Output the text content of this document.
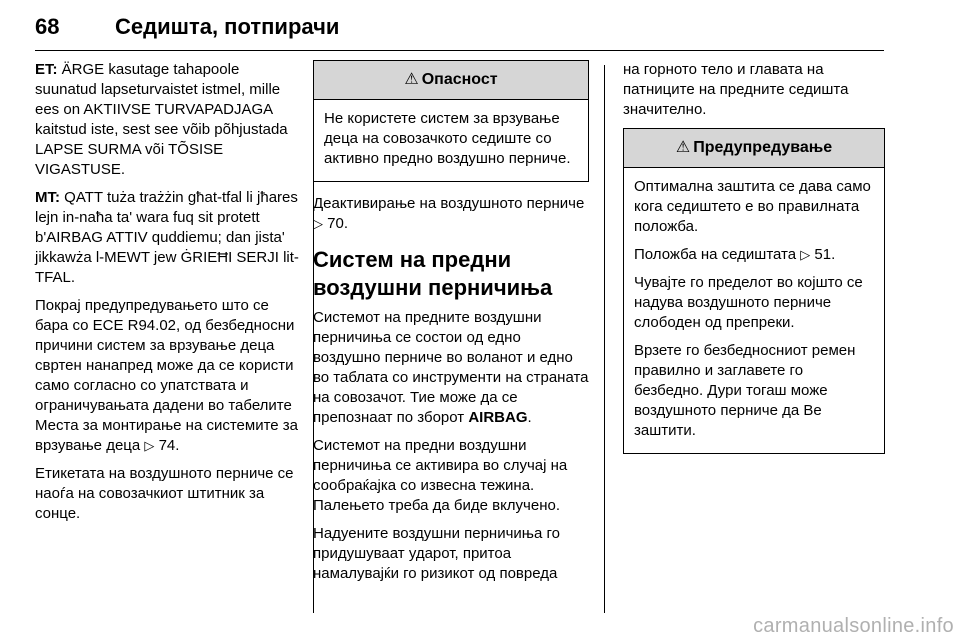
68	Седишта, потпирачи

ET: ÄRGE kasutage tahapoole suunatud lapseturvaistet istmel, mille ees on AKTIIVSE TURVAPADJAGA kaitstud iste, sest see võib põhjustada LAPSE SURMA või TÕSISE VIGASTUSE.

MT: QATT tuża trażżin għat-tfal li jħares lejn in-naħa ta' wara fuq sit protett b'AIRBAG ATTIV quddiemu; dan jista' jikkawża l-MEWT jew ĠRIEĦI SERJI lit-TFAL.

Покрај предупредувањето што се бара со ECE R94.02, од безбедносни причини систем за врзување деца свртен нанапред може да се користи само согласно со упатствата и ограничувањата дадени во табелите Места за монтирање на системите за врзување деца ▷ 74.

Етикетата на воздушното перниче се наоѓа на совозачкиот штитник за сонце.

⚠ Опасност

Не користете систем за врзување деца на совозачкото седиште со активно предно воздушно перниче.

Деактивирање на воздушното перниче ▷ 70.

Систем на предни воздушни перничиња

Системот на предните воздушни перничиња се состои од едно воздушно перниче во воланот и едно во таблата со инструменти на страната на совозачот. Тие може да се препознаат по зборот AIRBAG.

Системот на предни воздушни перничиња се активира во случај на сообраќајка со извесна тежина. Палењето треба да биде вклучено.

Надуените воздушни перничиња го придушуваат ударот, притоа намалувајќи го ризикот од повреда

на горното тело и главата на патниците на предните седишта значително.

⚠ Предупредување

Оптимална заштита се дава само кога седиштето е во правилната положба.

Положба на седиштата ▷ 51.

Чувајте го пределот во којшто се надува воздушното перниче слободен од препреки.

Врзете го безбедносниот ремен правилно и заглавете го безбедно. Дури тогаш може воздушното перниче да Ве заштити.

carmanualsonline.info
